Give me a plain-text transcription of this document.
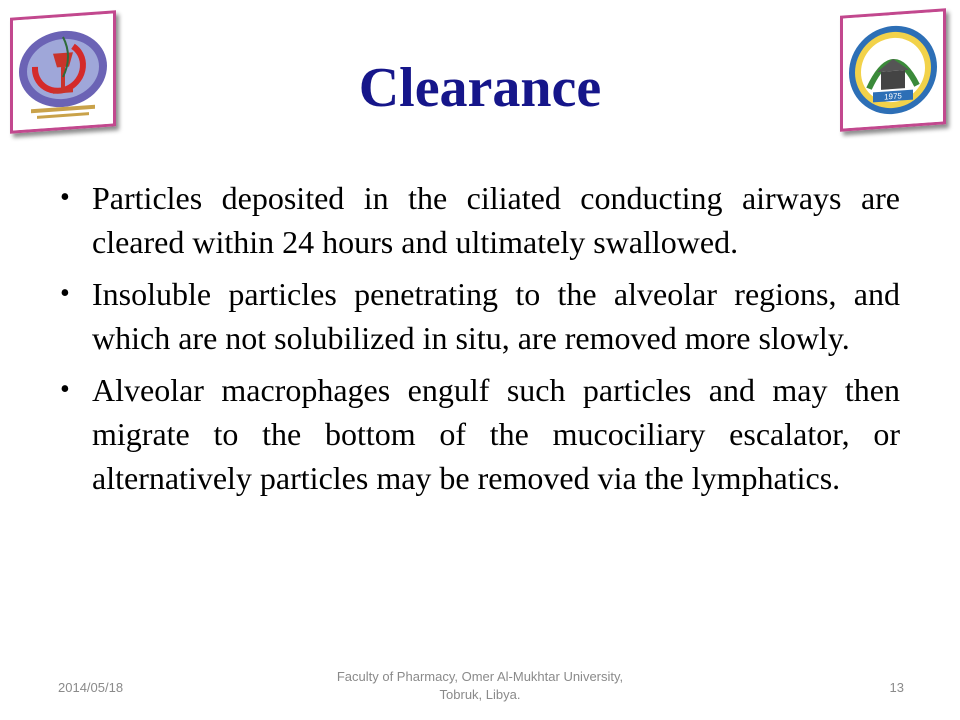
1975
Clearance
• Particles deposited in the ciliated conducting airways are cleared within 24 hours and ultimately swallowed.
• Insoluble particles penetrating to the alveolar regions, and which are not solubilized in situ, are removed more slowly.
• Alveolar macrophages engulf such particles and may then migrate to the bottom of the mucociliary escalator, or alternatively particles may be removed via the lymphatics.
2014/05/18
Faculty of Pharmacy, Omer Al-Mukhtar University, Tobruk, Libya.	13
